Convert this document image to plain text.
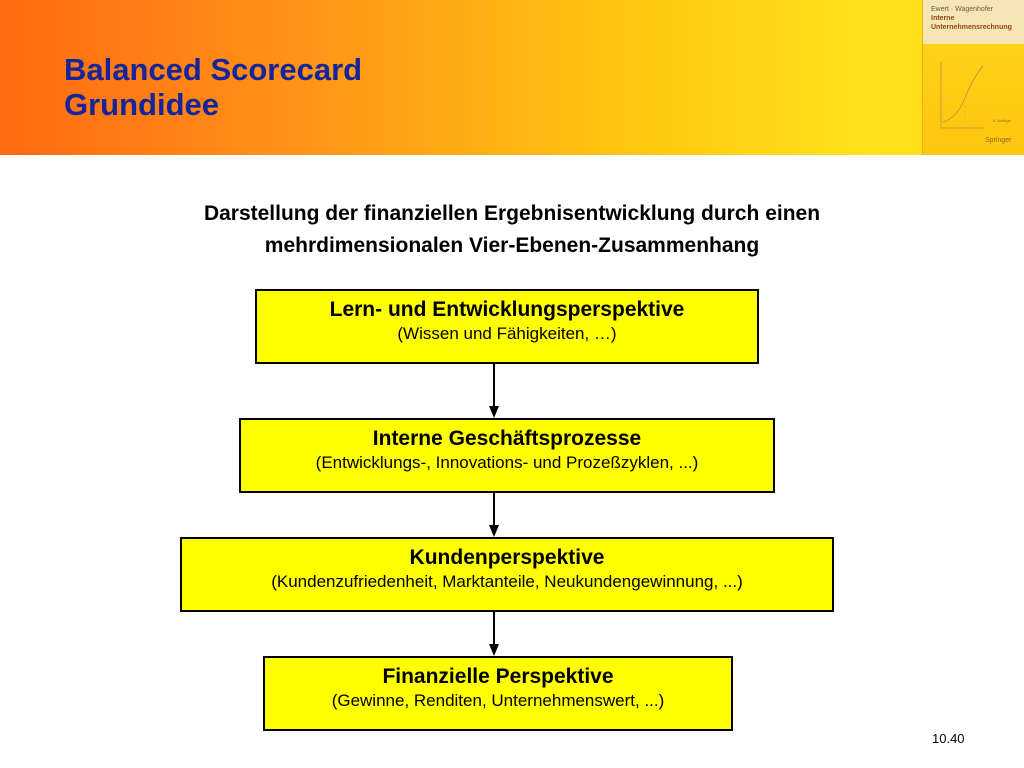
Balanced Scorecard
Grundidee
Ewert · Wagenhofer
Interne
Unternehmensrechnung
6. Auflage
Springer
Darstellung der finanziellen Ergebnisentwicklung durch einen
mehrdimensionalen Vier-Ebenen-Zusammenhang
Lern- und Entwicklungsperspektive
(Wissen und Fähigkeiten, …)
Interne Geschäftsprozesse
(Entwicklungs-, Innovations- und Prozeßzyklen, ...)
Kundenperspektive
(Kundenzufriedenheit, Marktanteile, Neukundengewinnung, ...)
Finanzielle Perspektive
(Gewinne, Renditen, Unternehmenswert, ...)
10.40
